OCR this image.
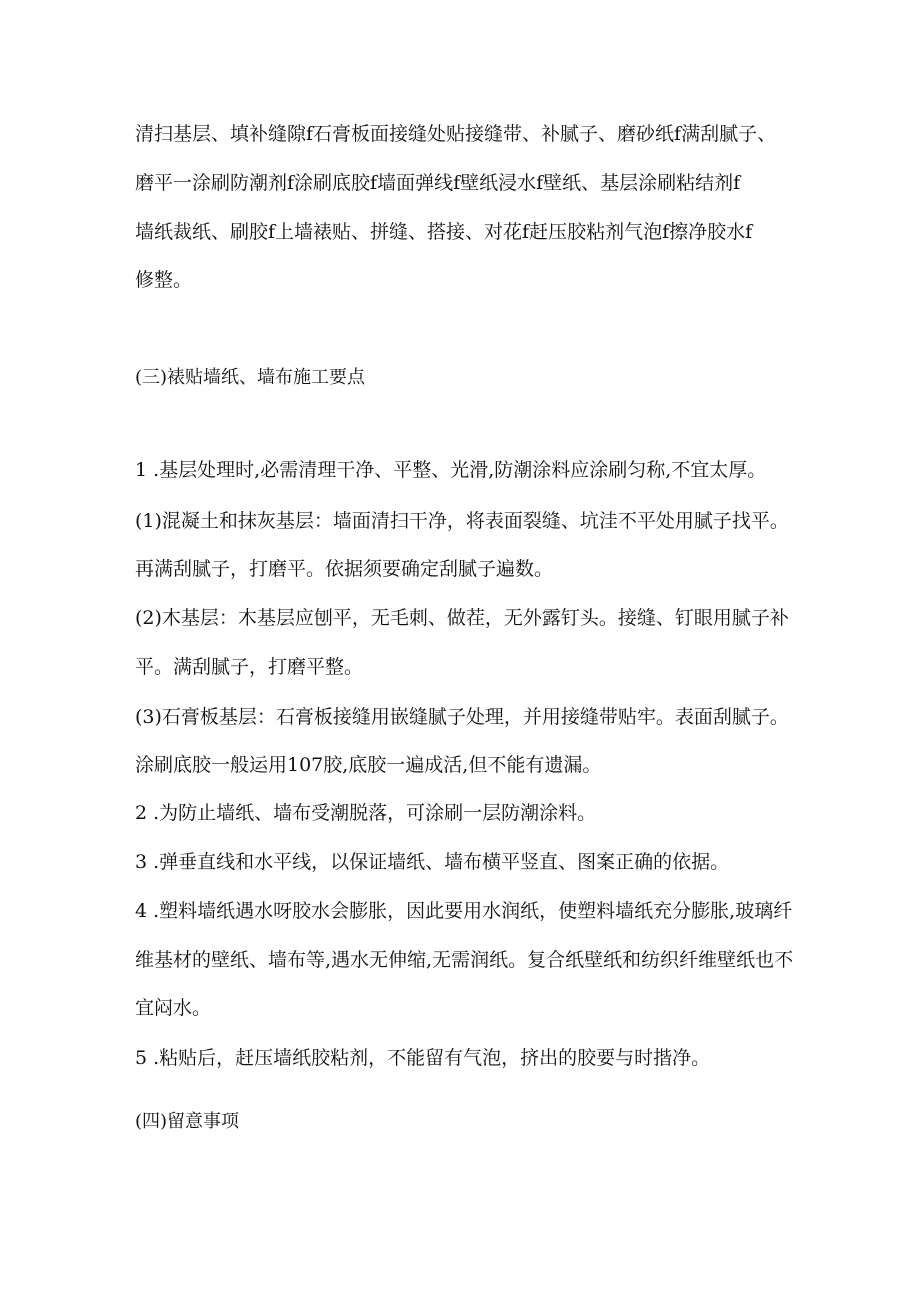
清扫基层、填补缝隙f石膏板面接缝处贴接缝带、补腻子、磨砂纸f满刮腻子、
磨平一涂刷防潮剂f涂刷底胶f墙面弹线f壁纸浸水f壁纸、基层涂刷粘结剂f
墙纸裁纸、刷胶f上墙裱贴、拼缝、搭接、对花f赶压胶粘剂气泡f擦净胶水f
修整。
(三)裱贴墙纸、墙布施工要点
1 .基层处理时,必需清理干净、平整、光滑,防潮涂料应涂刷匀称,不宜太厚。
(1)混凝土和抹灰基层：墙面清扫干净，将表面裂缝、坑洼不平处用腻子找平。
再满刮腻子，打磨平。依据须要确定刮腻子遍数。
(2)木基层：木基层应刨平，无毛刺、做茬，无外露钉头。接缝、钉眼用腻子补
平。满刮腻子，打磨平整。
(3)石膏板基层：石膏板接缝用嵌缝腻子处理，并用接缝带贴牢。表面刮腻子。
涂刷底胶一般运用107胶,底胶一遍成活,但不能有遗漏。
2 .为防止墙纸、墙布受潮脱落，可涂刷一层防潮涂料。
3 .弹垂直线和水平线，以保证墙纸、墙布横平竖直、图案正确的依据。
4 .塑料墙纸遇水呀胶水会膨胀，因此要用水润纸，使塑料墙纸充分膨胀,玻璃纤
维基材的壁纸、墙布等,遇水无伸缩,无需润纸。复合纸壁纸和纺织纤维壁纸也不
宜闷水。
5 .粘贴后，赶压墙纸胶粘剂，不能留有气泡，挤出的胶要与时揩净。
(四)留意事项
